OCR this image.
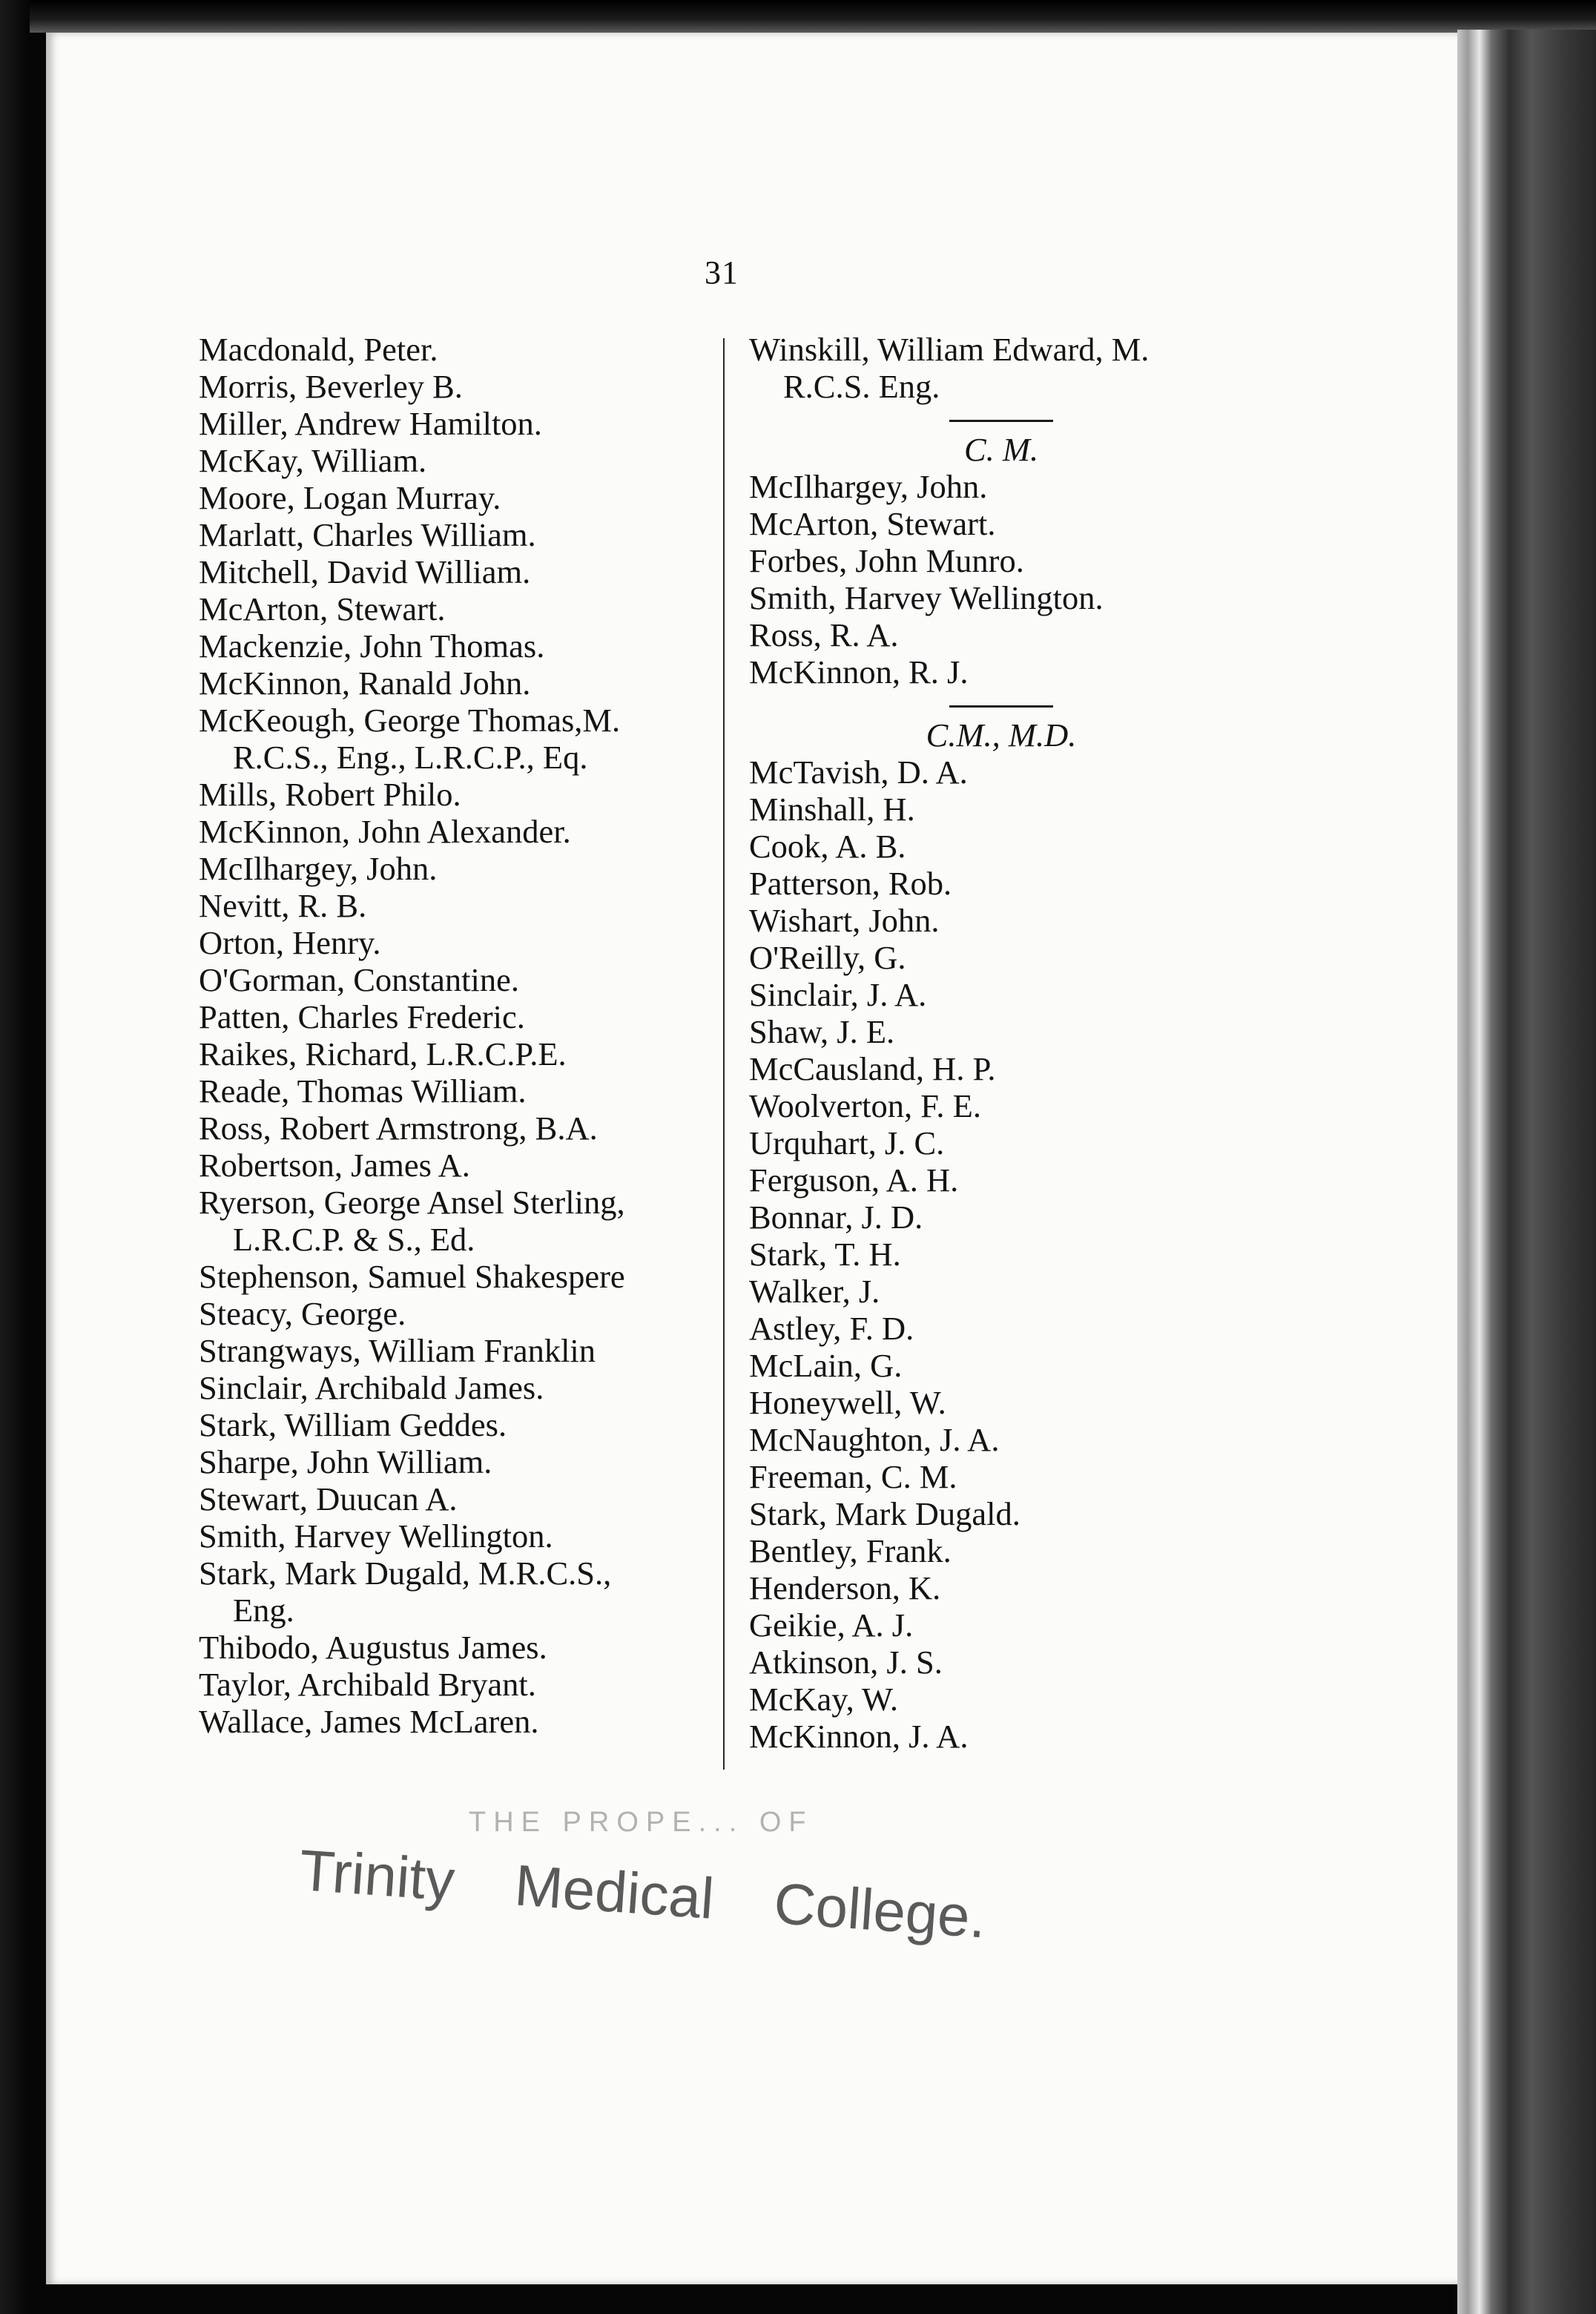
31
Macdonald, Peter.
Morris, Beverley B.
Miller, Andrew Hamilton.
McKay, William.
Moore, Logan Murray.
Marlatt, Charles William.
Mitchell, David William.
McArton, Stewart.
Mackenzie, John Thomas.
McKinnon, Ranald John.
McKeough, George Thomas,M.
R.C.S., Eng., L.R.C.P., Eq.
Mills, Robert Philo.
McKinnon, John Alexander.
McIlhargey, John.
Nevitt, R. B.
Orton, Henry.
O'Gorman, Constantine.
Patten, Charles Frederic.
Raikes, Richard, L.R.C.P.E.
Reade, Thomas William.
Ross, Robert Armstrong, B.A.
Robertson, James A.
Ryerson, George Ansel Sterling,
L.R.C.P. & S., Ed.
Stephenson, Samuel Shakespere
Steacy, George.
Strangways, William Franklin
Sinclair, Archibald James.
Stark, William Geddes.
Sharpe, John William.
Stewart, Duucan A.
Smith, Harvey Wellington.
Stark, Mark Dugald, M.R.C.S.,
Eng.
Thibodo, Augustus James.
Taylor, Archibald Bryant.
Wallace, James McLaren.
Winskill, William Edward, M.
R.C.S. Eng.
C. M.
McIlhargey, John.
McArton, Stewart.
Forbes, John Munro.
Smith, Harvey Wellington.
Ross, R. A.
McKinnon, R. J.
C.M., M.D.
McTavish, D. A.
Minshall, H.
Cook, A. B.
Patterson, Rob.
Wishart, John.
O'Reilly, G.
Sinclair, J. A.
Shaw, J. E.
McCausland, H. P.
Woolverton, F. E.
Urquhart, J. C.
Ferguson, A. H.
Bonnar, J. D.
Stark, T. H.
Walker, J.
Astley, F. D.
McLain, G.
Honeywell, W.
McNaughton, J. A.
Freeman, C. M.
Stark, Mark Dugald.
Bentley, Frank.
Henderson, K.
Geikie, A. J.
Atkinson, J. S.
McKay, W.
McKinnon, J. A.
THE PROPE... OF
Trinity Medical College.
